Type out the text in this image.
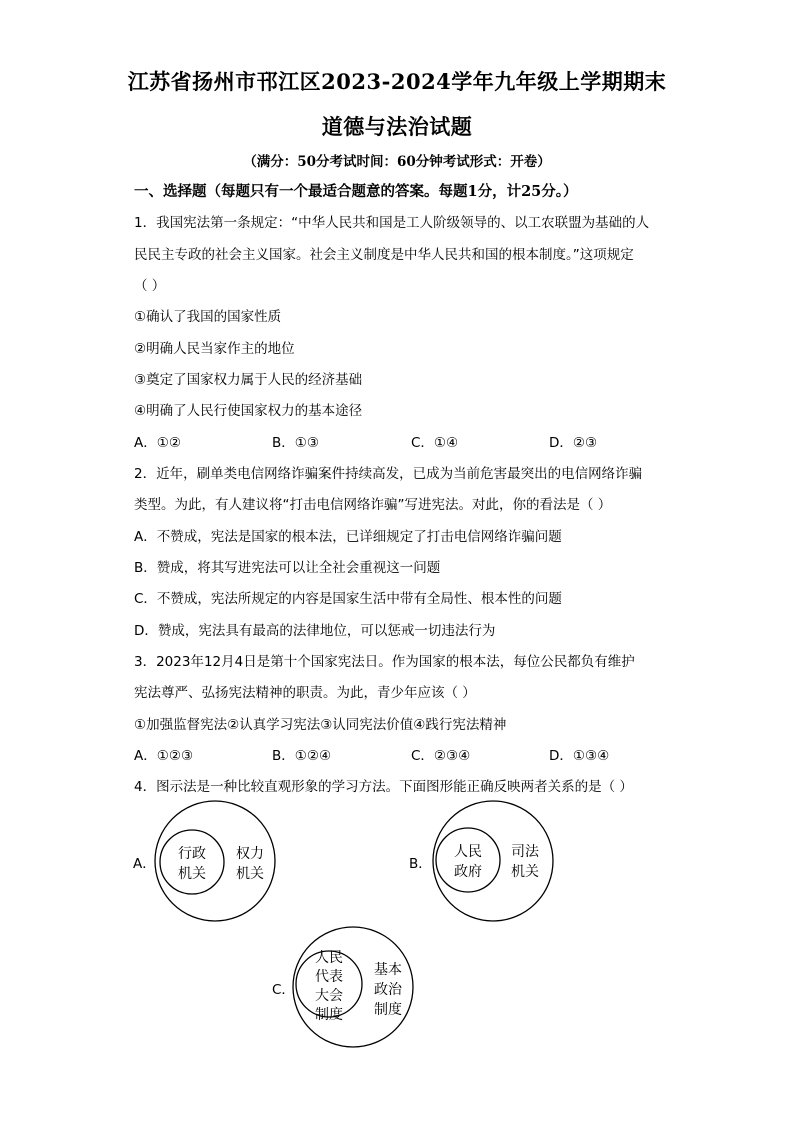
江苏省扬州市邗江区2023-2024学年九年级上学期期末
道德与法治试题
（满分：50分考试时间：60分钟考试形式：开卷）
一、选择题（每题只有一个最适合题意的答案。每题1分，计25分。）
1．我国宪法第一条规定：“中华人民共和国是工人阶级领导的、以工农联盟为基础的人
民民主专政的社会主义国家。社会主义制度是中华人民共和国的根本制度。”这项规定
（ ）
①确认了我国的国家性质
②明确人民当家作主的地位
③奠定了国家权力属于人民的经济基础
④明确了人民行使国家权力的基本途径
A．①②	B．①③	C．①④	D．②③
2．近年，刷单类电信网络诈骗案件持续高发，已成为当前危害最突出的电信网络诈骗
类型。为此，有人建议将“打击电信网络诈骗”写进宪法。对此，你的看法是（ ）
A．不赞成，宪法是国家的根本法，已详细规定了打击电信网络诈骗问题
B．赞成，将其写进宪法可以让全社会重视这一问题
C．不赞成，宪法所规定的内容是国家生活中带有全局性、根本性的问题
D．赞成，宪法具有最高的法律地位，可以惩戒一切违法行为
3．2023年12月4日是第十个国家宪法日。作为国家的根本法，每位公民都负有维护
宪法尊严、弘扬宪法精神的职责。为此，青少年应该（ ）
①加强监督宪法②认真学习宪法③认同宪法价值④践行宪法精神
A．①②③	B．①②④	C．②③④	D．①③④
4．图示法是一种比较直观形象的学习方法。下面图形能正确反映两者关系的是（ ）
A．
行政
机关
权力
机关
B．
人民
政府
司法
机关
C．
人民
代表
大会
制度
基本
政治
制度
